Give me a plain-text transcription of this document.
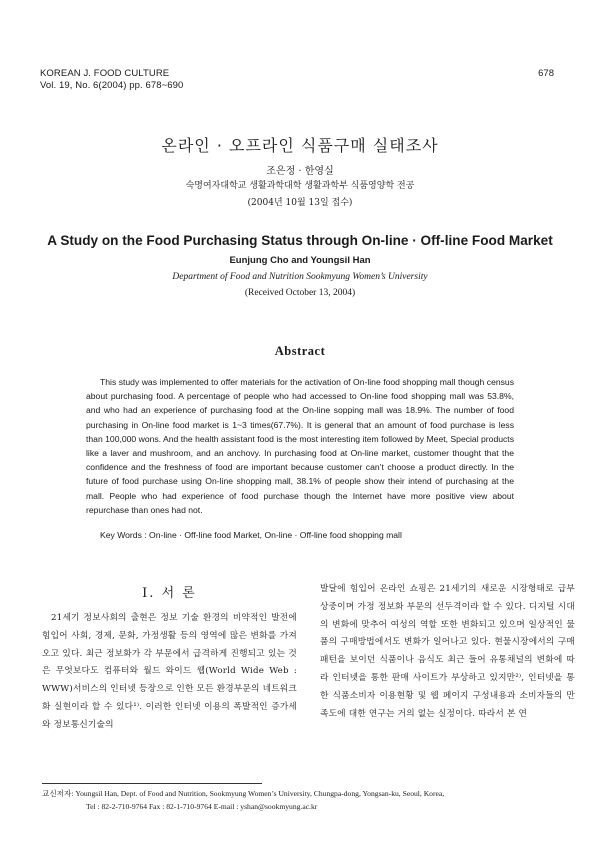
KOREAN J. FOOD CULTURE
Vol. 19, No. 6(2004) pp. 678~690
678
온라인 · 오프라인 식품구매 실태조사
조은정 · 한영실
숙명여자대학교 생활과학대학 생활과학부 식품영양학 전공
(2004년 10월 13일 접수)
A Study on the Food Purchasing Status through On-line · Off-line Food Market
Eunjung Cho and Youngsil Han
Department of Food and Nutrition Sookmyung Women’s University
(Received October 13, 2004)
Abstract
This study was implemented to offer materials for the activation of On-line food shopping mall though census about purchasing food. A percentage of people who had accessed to On-line food shopping mall was 53.8%, and who had an experience of purchasing food at the On-line sopping mall was 18.9%. The number of food purchasing in On-line food market is 1~3 times(67.7%). It is general that an amount of food purchase is less than 100,000 wons. And the health assistant food is the most interesting item followed by Meet, Special products like a laver and mushroom, and an anchovy. In purchasing food at On-line market, customer thought that the confidence and the freshness of food are important because customer can’t choose a product directly. In the future of food purchase using On-line shopping mall, 38.1% of people show their intend of purchasing at the mall. People who had experience of food purchase though the Internet have more positive view about repurchase than ones had not.
Key Words : On-line · Off-line food Market, On-line · Off-line food shopping mall
I. 서 론
21세기 정보사회의 출현은 정보 기술 환경의 비약적인 발전에 힘입어 사회, 경제, 문화, 가정생활 등의 영역에 많은 변화를 가져오고 있다. 최근 정보화가 각 부문에서 급격하게 진행되고 있는 것은 무엇보다도 컴퓨터와 월드 와이드 웹(World Wide Web : WWW)서비스의 인터넷 등장으로 인한 모든 환경부문의 네트워크화 실현이라 할 수 있다¹⁾. 이러한 인터넷 이용의 폭발적인 증가세와 정보통신기술의
발달에 힘입어 온라인 쇼핑은 21세기의 새로운 시장형태로 급부상중이며 가정 정보화 부문의 선두격이라 할 수 있다. 디지털 시대의 변화에 맞추어 여성의 역할 또한 변화되고 있으며 일상적인 물품의 구매방법에서도 변화가 일어나고 있다. 현물시장에서의 구매패턴을 보이던 식품이나 음식도 최근 들어 유통채널의 변화에 따라 인터넷을 통한 판매 사이트가 부상하고 있지만²⁾, 인터넷을 통한 식품소비자 이용현황 및 웹 페이지 구성내용과 소비자들의 만족도에 대한 연구는 거의 없는 실정이다. 따라서 본 연
교신저자: Youngsil Han, Dept. of Food and Nutrition, Sookmyung Women’s University, Chungpa-dong, Yongsan-ku, Seoul, Korea,
Tel : 82-2-710-9764 Fax : 82-1-710-9764 E-mail : yshan@sookmyung.ac.kr
